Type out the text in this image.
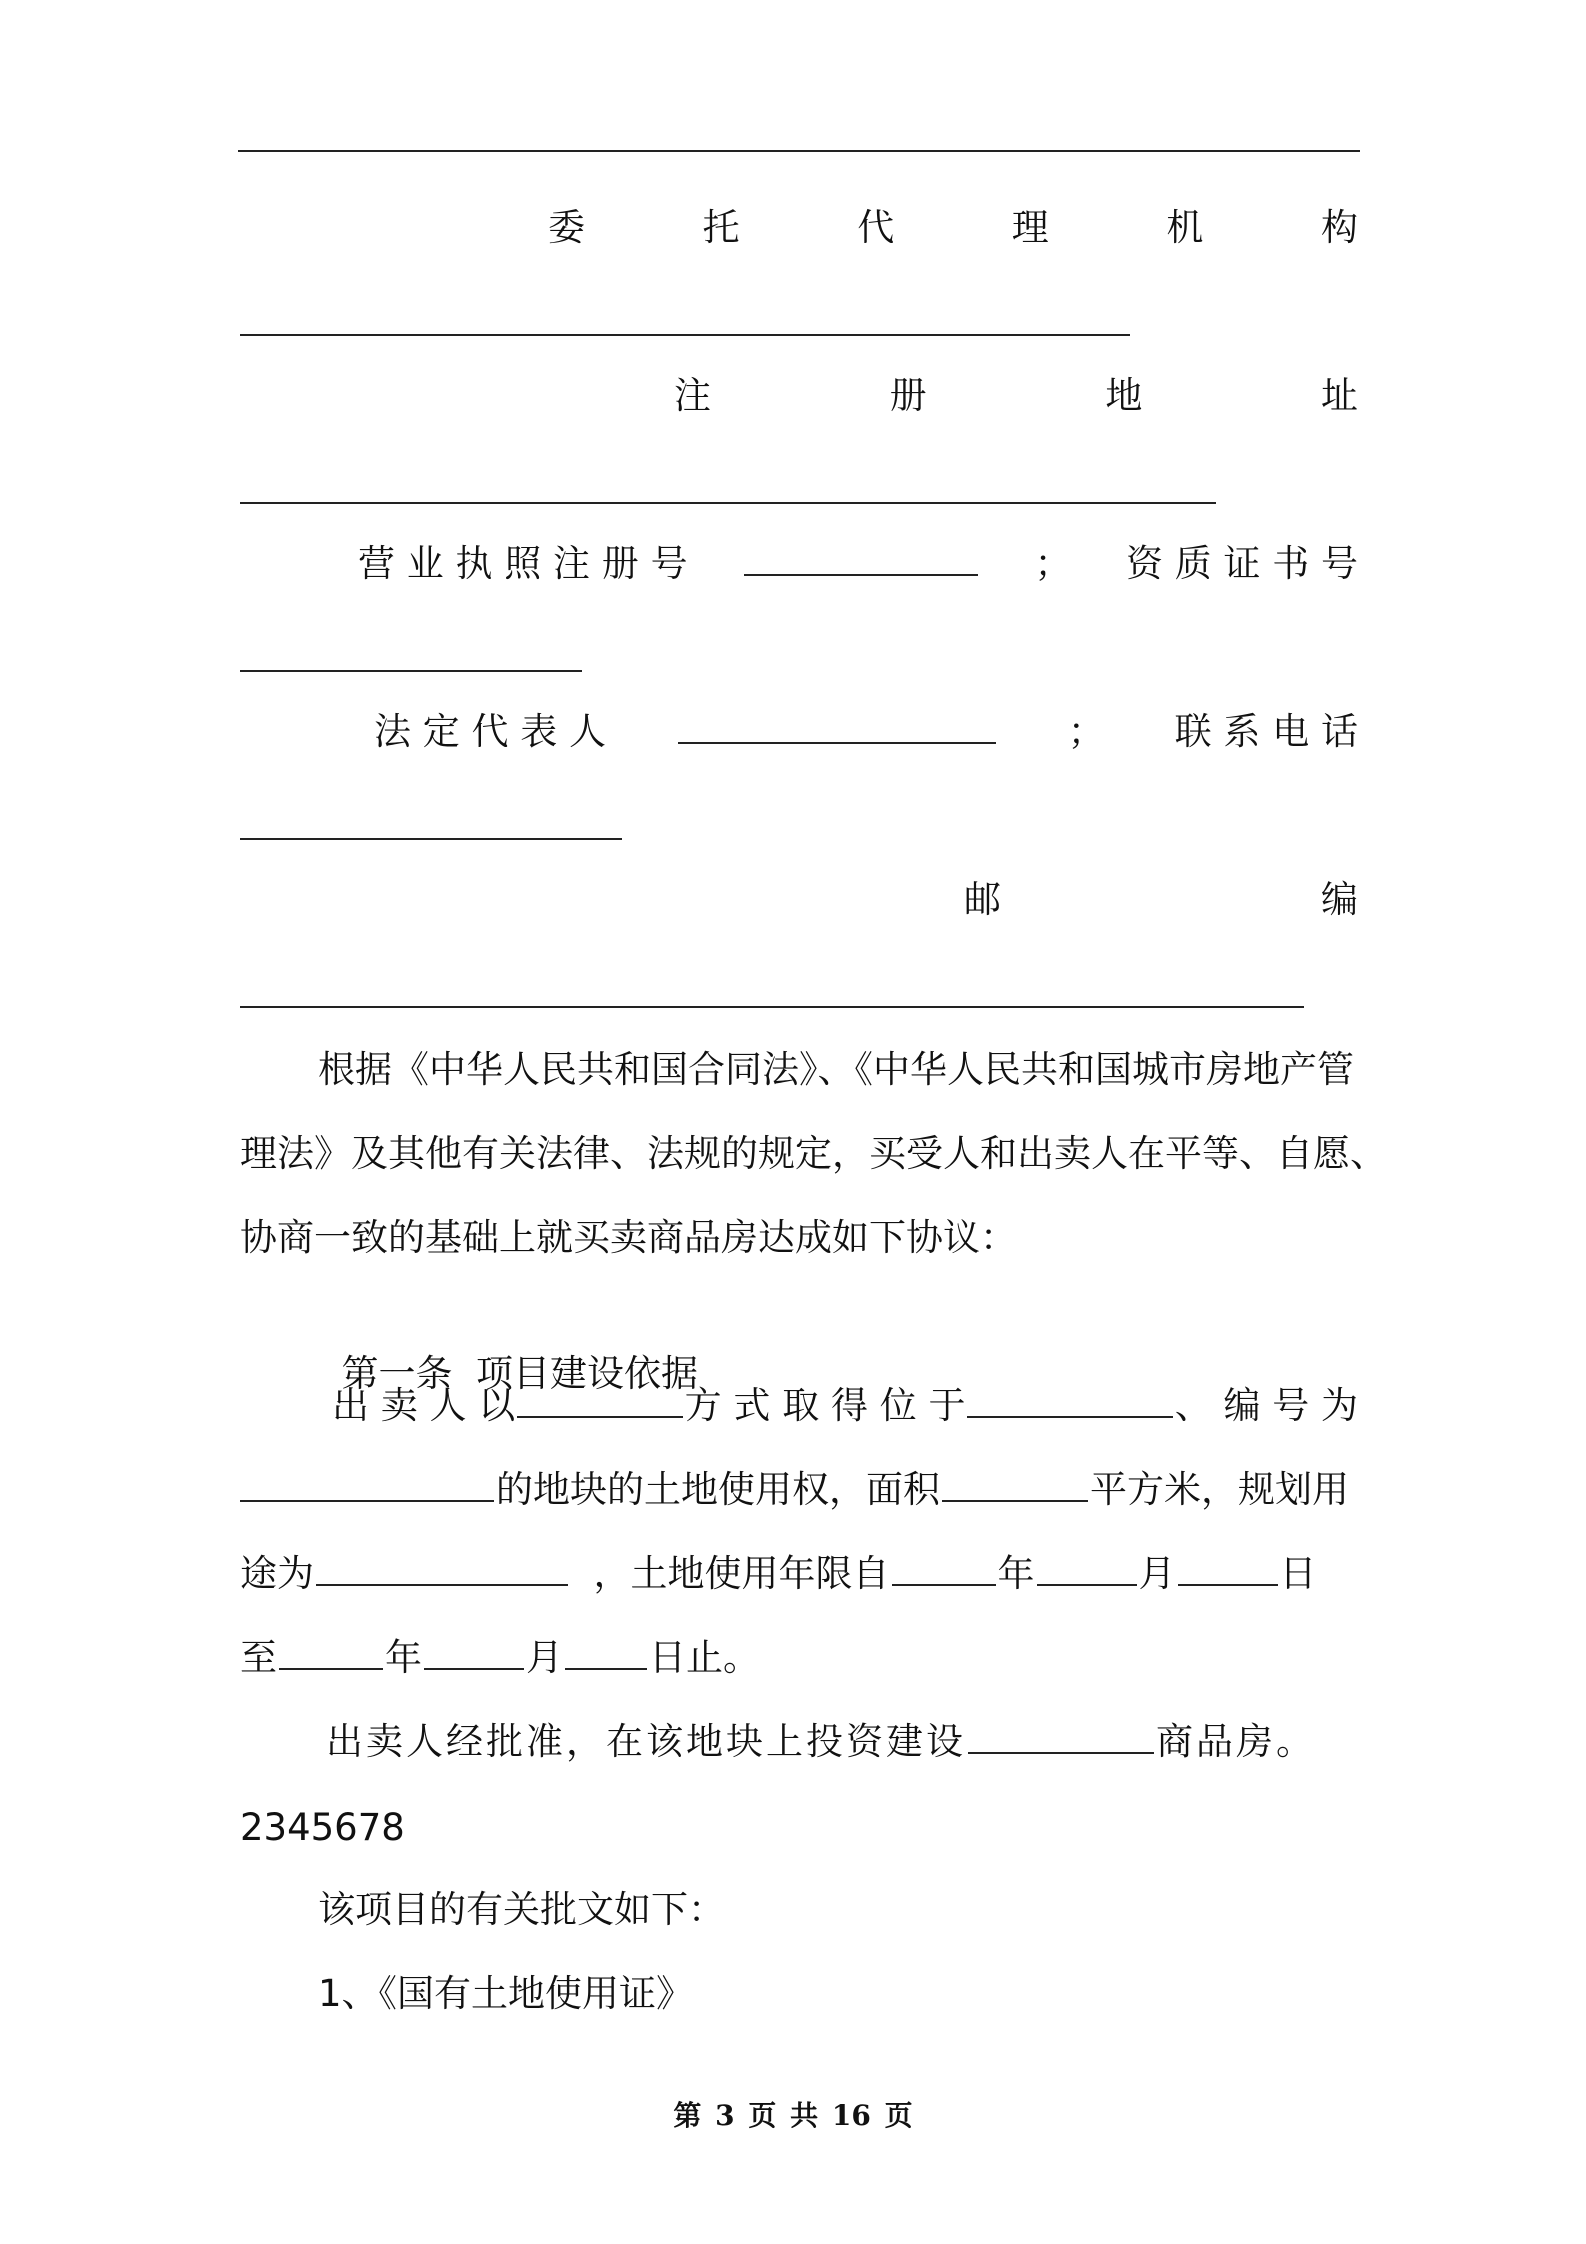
委	托	代	理	机	构
注	册	地	址
营 业 执 照 注 册 号	； 资 质 证 书 号
法 定 代 表 人	； 联 系 电 话
邮	编
根据《中华人民共和国合同法》、《中华人民共和国城市房地产管
理法》及其他有关法律、法规的规定，买受人和出卖人在平等、自愿、
协商一致的基础上就买卖商品房达成如下协议：

第一条  项目建设依据

出 卖 人 以	方 式 取 得 位 于	、 编 号 为
的地块的土地使用权，面积	平方米，规划用
途为	，土地使用年限自	年	月	日
至	年	月 日止。
出卖人经批准，在该地块上投资建设	商品房。
2345678
该项目的有关批文如下：
1、《国有土地使用证》
第 3 页 共 16 页
